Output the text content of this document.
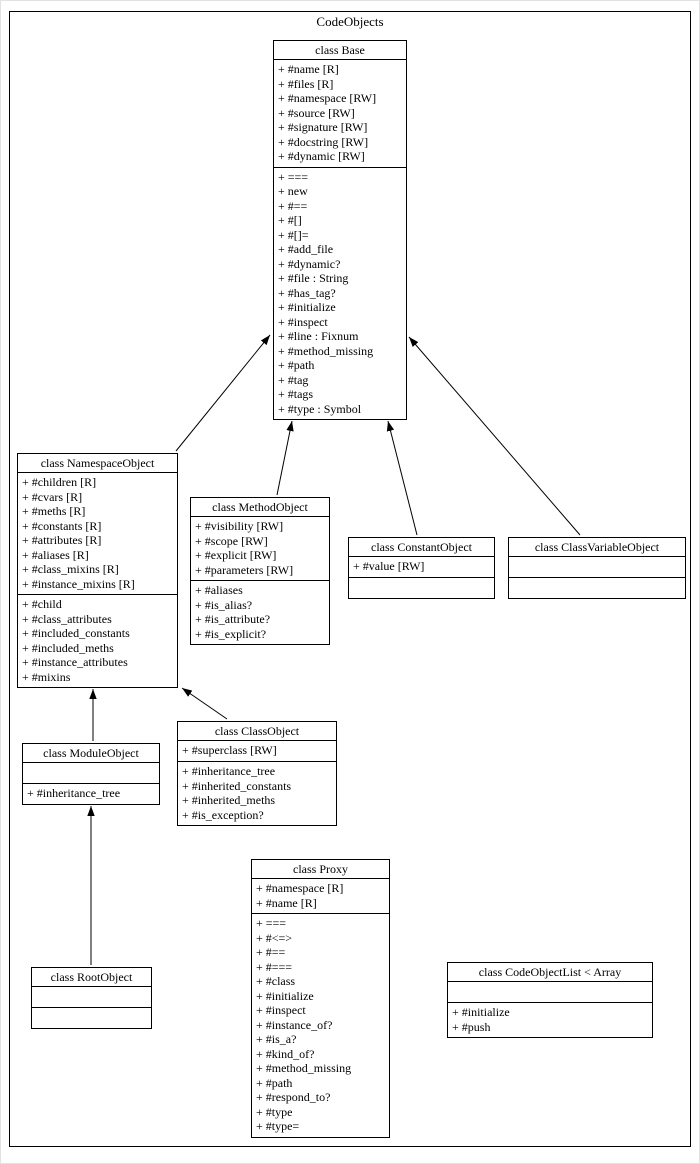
CodeObjects
class Base
+ #name [R]
+ #files [R]
+ #namespace [RW]
+ #source [RW]
+ #signature [RW]
+ #docstring [RW]
+ #dynamic [RW]
+ ===
+ new
+ #==
+ #[]
+ #[]=
+ #add_file
+ #dynamic?
+ #file : String
+ #has_tag?
+ #initialize
+ #inspect
+ #line : Fixnum
+ #method_missing
+ #path
+ #tag
+ #tags
+ #type : Symbol
class NamespaceObject
+ #children [R]
+ #cvars [R]
+ #meths [R]
+ #constants [R]
+ #attributes [R]
+ #aliases [R]
+ #class_mixins [R]
+ #instance_mixins [R]
+ #child
+ #class_attributes
+ #included_constants
+ #included_meths
+ #instance_attributes
+ #mixins
class MethodObject
+ #visibility [RW]
+ #scope [RW]
+ #explicit [RW]
+ #parameters [RW]
+ #aliases
+ #is_alias?
+ #is_attribute?
+ #is_explicit?
class ConstantObject
+ #value [RW]
class ClassVariableObject
class ModuleObject
+ #inheritance_tree
class ClassObject
+ #superclass [RW]
+ #inheritance_tree
+ #inherited_constants
+ #inherited_meths
+ #is_exception?
class RootObject
class Proxy
+ #namespace [R]
+ #name [R]
+ ===
+ #<=>
+ #==
+ #===
+ #class
+ #initialize
+ #inspect
+ #instance_of?
+ #is_a?
+ #kind_of?
+ #method_missing
+ #path
+ #respond_to?
+ #type
+ #type=
class CodeObjectList < Array
+ #initialize
+ #push
